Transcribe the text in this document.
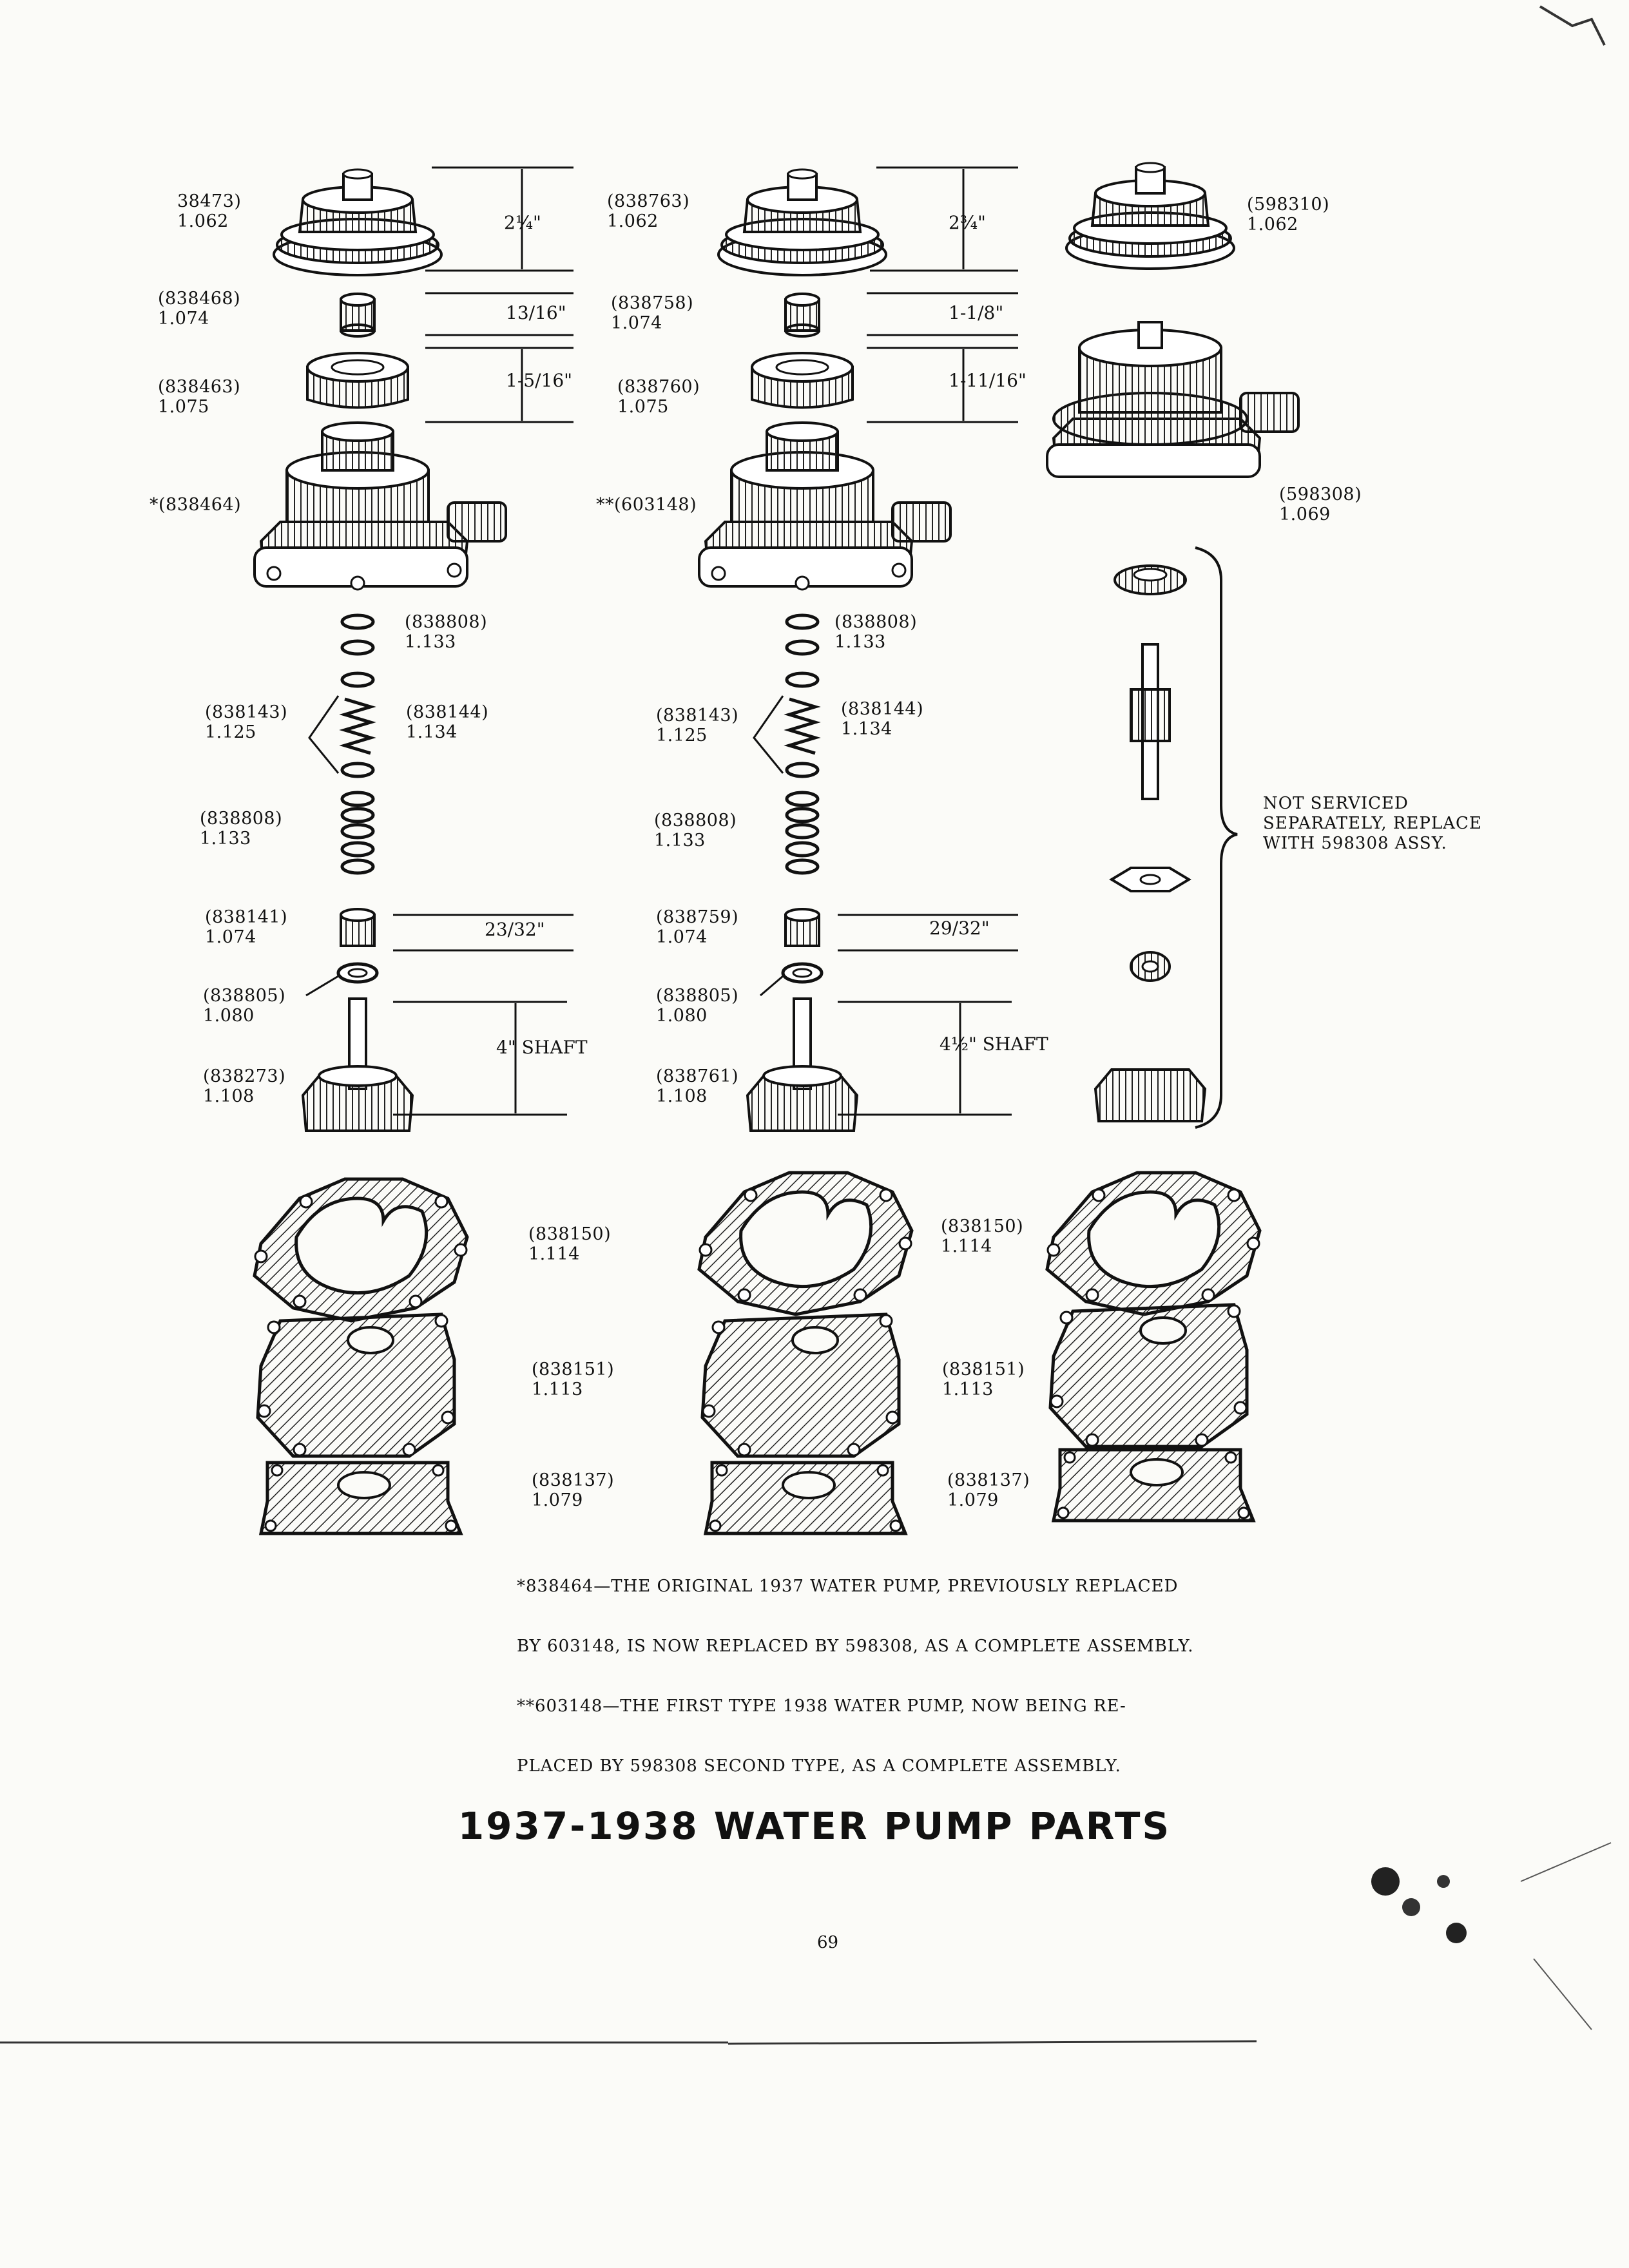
38473)
1.062
(838468)
1.074
(838463)
1.075
*(838464)
(838808)
1.133
(838143)
1.125
(838144)
1.134
(838808)
1.133
(838141)
1.074
(838805)
1.080
(838273)
1.108
(838150)
1.114
(838151)
1.113
(838137)
1.079
2¼"
13/16"
1-5/16"
23/32"
4" SHAFT
(838763)
1.062
(838758)
1.074
(838760)
1.075
**(603148)
(838808)
1.133
(838143)
1.125
(838144)
1.134
(838808)
1.133
(838759)
1.074
(838805)
1.080
(838761)
1.108
(838150)
1.114
(838151)
1.113
(838137)
1.079
2¾"
1-1/8"
1-11/16"
29/32"
4½" SHAFT
(598310)
1.062
(598308)
1.069
NOT SERVICED
SEPARATELY, REPLACE
WITH 598308 ASSY.

*838464—THE ORIGINAL 1937 WATER PUMP, PREVIOUSLY REPLACED

BY 603148, IS NOW REPLACED BY 598308, AS A COMPLETE ASSEMBLY.

**603148—THE FIRST TYPE 1938 WATER PUMP, NOW BEING RE-

PLACED BY 598308 SECOND TYPE, AS A COMPLETE ASSEMBLY.

1937-1938 WATER PUMP PARTS
69
